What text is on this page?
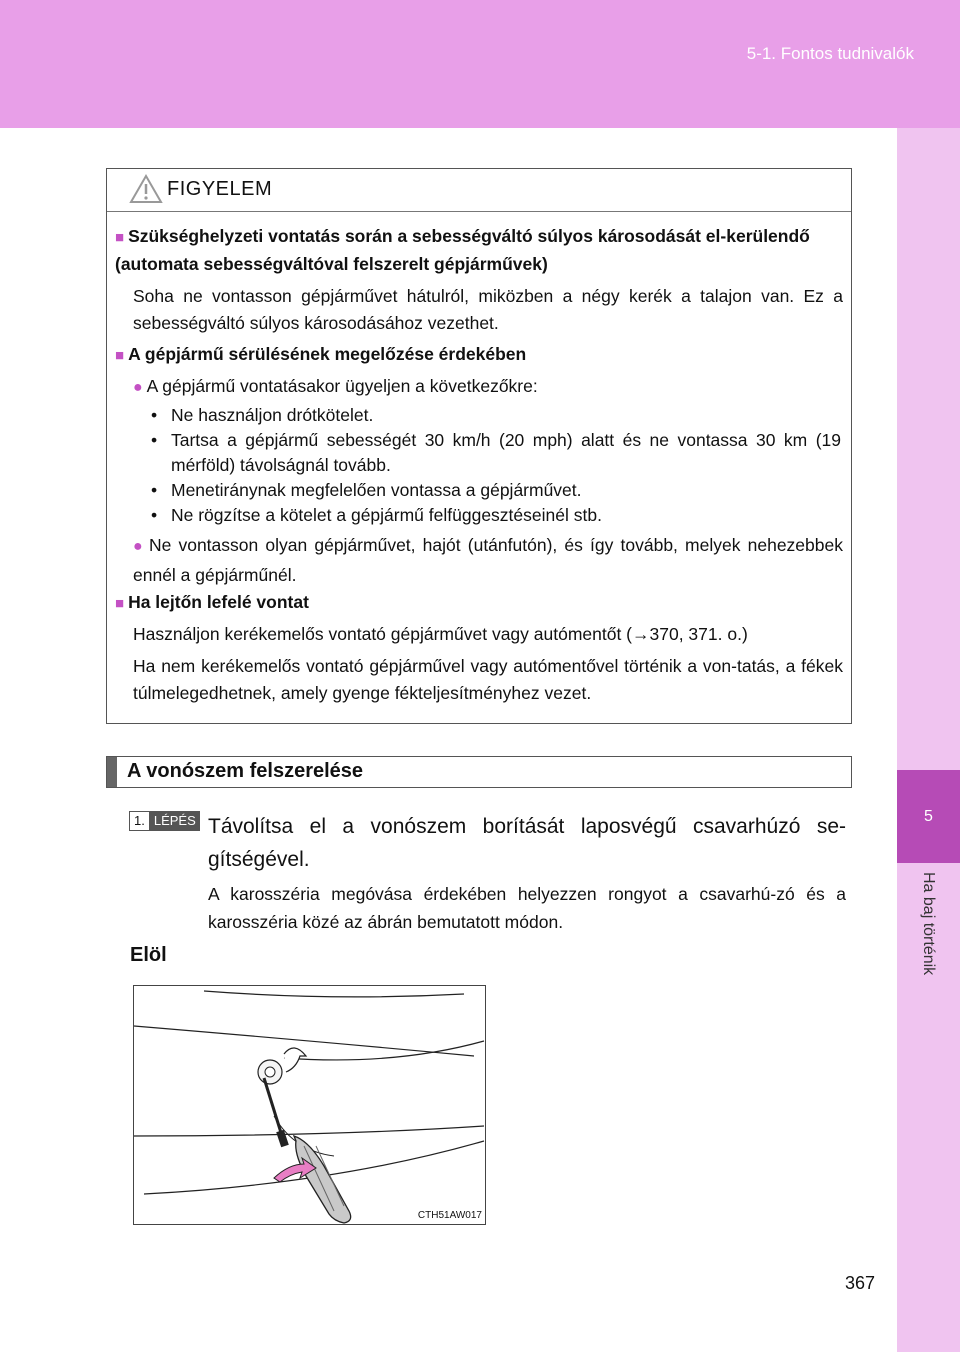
5-1. Fontos tudnivalók
5
Ha baj történik
FIGYELEM
■ Szükséghelyzeti vontatás során a sebességváltó súlyos károsodását el-kerülendő (automata sebességváltóval felszerelt gépjárművek)
Soha ne vontasson gépjárművet hátulról, miközben a négy kerék a talajon van. Ez a sebességváltó súlyos károsodásához vezethet.
■ A gépjármű sérülésének megelőzése érdekében
● A gépjármű vontatásakor ügyeljen a következőkre:
• Ne használjon drótkötelet.
• Tartsa a gépjármű sebességét 30 km/h (20 mph) alatt és ne vontassa 30 km (19 mérföld) távolságnál tovább.
• Menetiránynak megfelelően vontassa a gépjárművet.
• Ne rögzítse a kötelet a gépjármű felfüggesztéseinél stb.
● Ne vontasson olyan gépjárművet, hajót (utánfutón), és így tovább, melyek nehezebbek ennél a gépjárműnél.
■ Ha lejtőn lefelé vontat
Használjon kerékemelős vontató gépjárművet vagy autómentőt (→370, 371. o.)
Ha nem kerékemelős vontató gépjárművel vagy autómentővel történik a von-tatás, a fékek túlmelegedhetnek, amely gyenge fékteljesítményhez vezet.
A vonószem felszerelése
1. LÉPÉS Távolítsa el a vonószem borítását laposvégű csavarhúzó se-gítségével.
A karosszéria megóvása érdekében helyezzen rongyot a csavarhú-zó és a karosszéria közé az ábrán bemutatott módon.
Elöl
CTH51AW017
367
